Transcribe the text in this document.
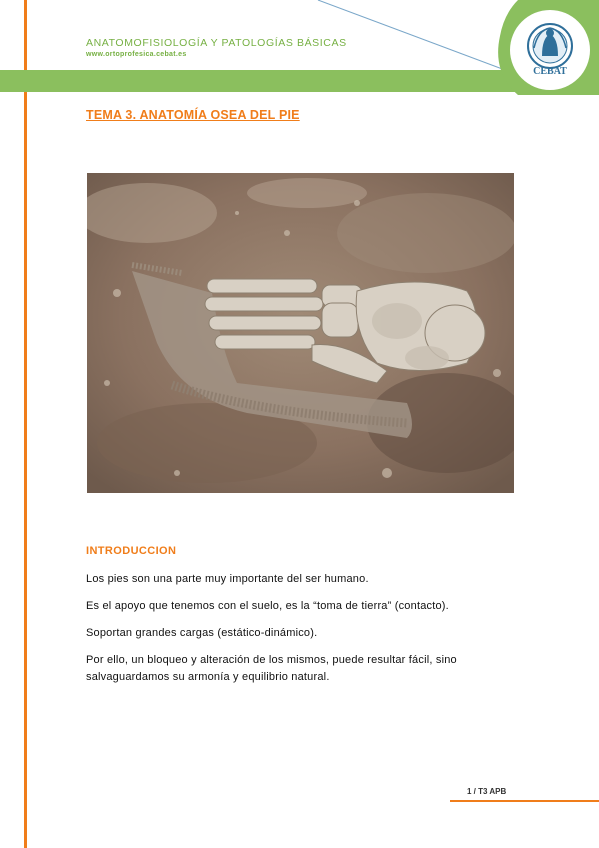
ANATOMOFISIOLOGÍA Y PATOLOGÍAS BÁSICAS
www.ortoprofesica.cebat.es
CEBAT
TEMA 3. ANATOMÍA OSEA DEL PIE
INTRODUCCION
Los pies son una parte muy importante del ser humano.
Es el apoyo que tenemos con el suelo, es la “toma de tierra” (contacto).
Soportan grandes cargas (estático-dinámico).
Por ello, un bloqueo y alteración de los mismos, puede resultar fácil, sino salvaguardamos su armonía y equilibrio natural.
1 / T3 APB
